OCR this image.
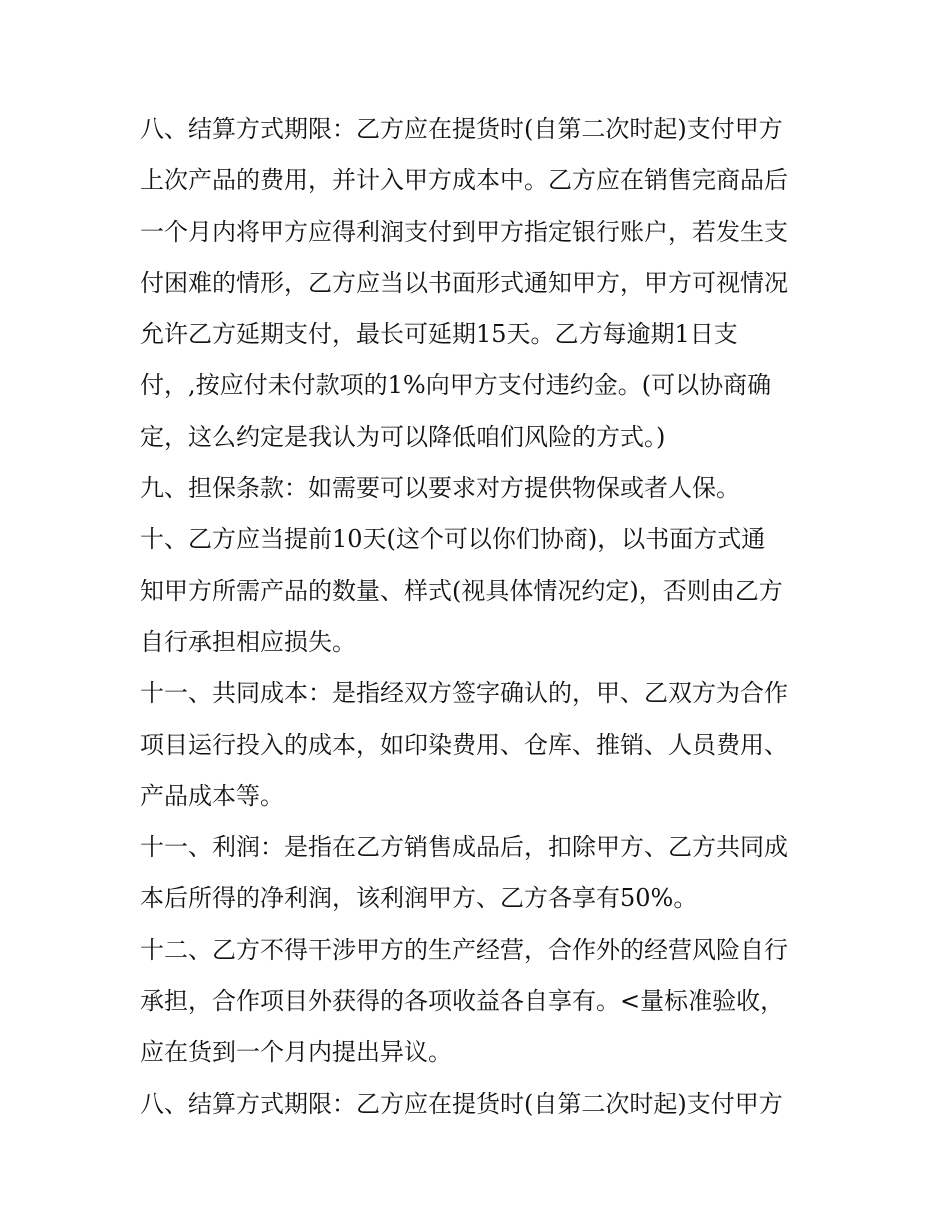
八、结算方式期限：乙方应在提货时(自第二次时起)支付甲方
上次产品的费用，并计入甲方成本中。乙方应在销售完商品后
一个月内将甲方应得利润支付到甲方指定银行账户，若发生支
付困难的情形，乙方应当以书面形式通知甲方，甲方可视情况
允许乙方延期支付，最长可延期15天。乙方每逾期1日支
付，,按应付未付款项的1%向甲方支付违约金。(可以协商确
定，这么约定是我认为可以降低咱们风险的方式。)
九、担保条款：如需要可以要求对方提供物保或者人保。
十、乙方应当提前10天(这个可以你们协商)，以书面方式通
知甲方所需产品的数量、样式(视具体情况约定)，否则由乙方
自行承担相应损失。
十一、共同成本：是指经双方签字确认的，甲、乙双方为合作
项目运行投入的成本，如印染费用、仓库、推销、人员费用、
产品成本等。
十一、利润：是指在乙方销售成品后，扣除甲方、乙方共同成
本后所得的净利润，该利润甲方、乙方各享有50%。
十二、乙方不得干涉甲方的生产经营，合作外的经营风险自行
承担，合作项目外获得的各项收益各自享有。<量标准验收，
应在货到一个月内提出异议。
八、结算方式期限：乙方应在提货时(自第二次时起)支付甲方
